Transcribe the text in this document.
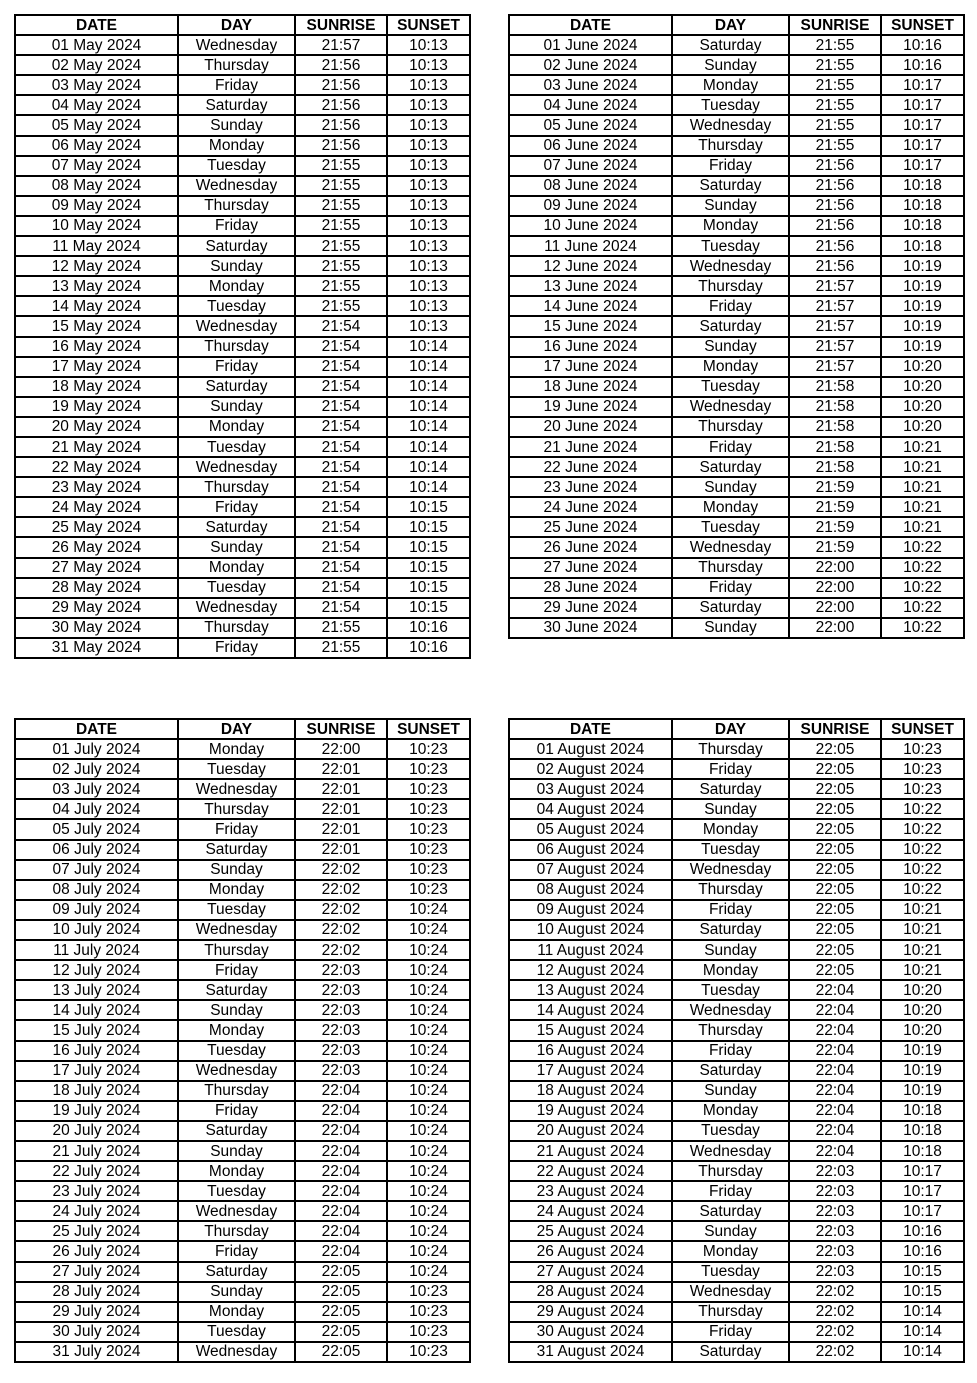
DATE	DAY	SUNRISE	SUNSET
01 May 2024	Wednesday	21:57	10:13
02 May 2024	Thursday	21:56	10:13
03 May 2024	Friday	21:56	10:13
04 May 2024	Saturday	21:56	10:13
05 May 2024	Sunday	21:56	10:13
06 May 2024	Monday	21:56	10:13
07 May 2024	Tuesday	21:55	10:13
08 May 2024	Wednesday	21:55	10:13
09 May 2024	Thursday	21:55	10:13
10 May 2024	Friday	21:55	10:13
11 May 2024	Saturday	21:55	10:13
12 May 2024	Sunday	21:55	10:13
13 May 2024	Monday	21:55	10:13
14 May 2024	Tuesday	21:55	10:13
15 May 2024	Wednesday	21:54	10:13
16 May 2024	Thursday	21:54	10:14
17 May 2024	Friday	21:54	10:14
18 May 2024	Saturday	21:54	10:14
19 May 2024	Sunday	21:54	10:14
20 May 2024	Monday	21:54	10:14
21 May 2024	Tuesday	21:54	10:14
22 May 2024	Wednesday	21:54	10:14
23 May 2024	Thursday	21:54	10:14
24 May 2024	Friday	21:54	10:15
25 May 2024	Saturday	21:54	10:15
26 May 2024	Sunday	21:54	10:15
27 May 2024	Monday	21:54	10:15
28 May 2024	Tuesday	21:54	10:15
29 May 2024	Wednesday	21:54	10:15
30 May 2024	Thursday	21:55	10:16
31 May 2024	Friday	21:55	10:16
DATE	DAY	SUNRISE	SUNSET
01 June 2024	Saturday	21:55	10:16
02 June 2024	Sunday	21:55	10:16
03 June 2024	Monday	21:55	10:17
04 June 2024	Tuesday	21:55	10:17
05 June 2024	Wednesday	21:55	10:17
06 June 2024	Thursday	21:55	10:17
07 June 2024	Friday	21:56	10:17
08 June 2024	Saturday	21:56	10:18
09 June 2024	Sunday	21:56	10:18
10 June 2024	Monday	21:56	10:18
11 June 2024	Tuesday	21:56	10:18
12 June 2024	Wednesday	21:56	10:19
13 June 2024	Thursday	21:57	10:19
14 June 2024	Friday	21:57	10:19
15 June 2024	Saturday	21:57	10:19
16 June 2024	Sunday	21:57	10:19
17 June 2024	Monday	21:57	10:20
18 June 2024	Tuesday	21:58	10:20
19 June 2024	Wednesday	21:58	10:20
20 June 2024	Thursday	21:58	10:20
21 June 2024	Friday	21:58	10:21
22 June 2024	Saturday	21:58	10:21
23 June 2024	Sunday	21:59	10:21
24 June 2024	Monday	21:59	10:21
25 June 2024	Tuesday	21:59	10:21
26 June 2024	Wednesday	21:59	10:22
27 June 2024	Thursday	22:00	10:22
28 June 2024	Friday	22:00	10:22
29 June 2024	Saturday	22:00	10:22
30 June 2024	Sunday	22:00	10:22
DATE	DAY	SUNRISE	SUNSET
01 July 2024	Monday	22:00	10:23
02 July 2024	Tuesday	22:01	10:23
03 July 2024	Wednesday	22:01	10:23
04 July 2024	Thursday	22:01	10:23
05 July 2024	Friday	22:01	10:23
06 July 2024	Saturday	22:01	10:23
07 July 2024	Sunday	22:02	10:23
08 July 2024	Monday	22:02	10:23
09 July 2024	Tuesday	22:02	10:24
10 July 2024	Wednesday	22:02	10:24
11 July 2024	Thursday	22:02	10:24
12 July 2024	Friday	22:03	10:24
13 July 2024	Saturday	22:03	10:24
14 July 2024	Sunday	22:03	10:24
15 July 2024	Monday	22:03	10:24
16 July 2024	Tuesday	22:03	10:24
17 July 2024	Wednesday	22:03	10:24
18 July 2024	Thursday	22:04	10:24
19 July 2024	Friday	22:04	10:24
20 July 2024	Saturday	22:04	10:24
21 July 2024	Sunday	22:04	10:24
22 July 2024	Monday	22:04	10:24
23 July 2024	Tuesday	22:04	10:24
24 July 2024	Wednesday	22:04	10:24
25 July 2024	Thursday	22:04	10:24
26 July 2024	Friday	22:04	10:24
27 July 2024	Saturday	22:05	10:24
28 July 2024	Sunday	22:05	10:23
29 July 2024	Monday	22:05	10:23
30 July 2024	Tuesday	22:05	10:23
31 July 2024	Wednesday	22:05	10:23
DATE	DAY	SUNRISE	SUNSET
01 August 2024	Thursday	22:05	10:23
02 August 2024	Friday	22:05	10:23
03 August 2024	Saturday	22:05	10:23
04 August 2024	Sunday	22:05	10:22
05 August 2024	Monday	22:05	10:22
06 August 2024	Tuesday	22:05	10:22
07 August 2024	Wednesday	22:05	10:22
08 August 2024	Thursday	22:05	10:22
09 August 2024	Friday	22:05	10:21
10 August 2024	Saturday	22:05	10:21
11 August 2024	Sunday	22:05	10:21
12 August 2024	Monday	22:05	10:21
13 August 2024	Tuesday	22:04	10:20
14 August 2024	Wednesday	22:04	10:20
15 August 2024	Thursday	22:04	10:20
16 August 2024	Friday	22:04	10:19
17 August 2024	Saturday	22:04	10:19
18 August 2024	Sunday	22:04	10:19
19 August 2024	Monday	22:04	10:18
20 August 2024	Tuesday	22:04	10:18
21 August 2024	Wednesday	22:04	10:18
22 August 2024	Thursday	22:03	10:17
23 August 2024	Friday	22:03	10:17
24 August 2024	Saturday	22:03	10:17
25 August 2024	Sunday	22:03	10:16
26 August 2024	Monday	22:03	10:16
27 August 2024	Tuesday	22:03	10:15
28 August 2024	Wednesday	22:02	10:15
29 August 2024	Thursday	22:02	10:14
30 August 2024	Friday	22:02	10:14
31 August 2024	Saturday	22:02	10:14
